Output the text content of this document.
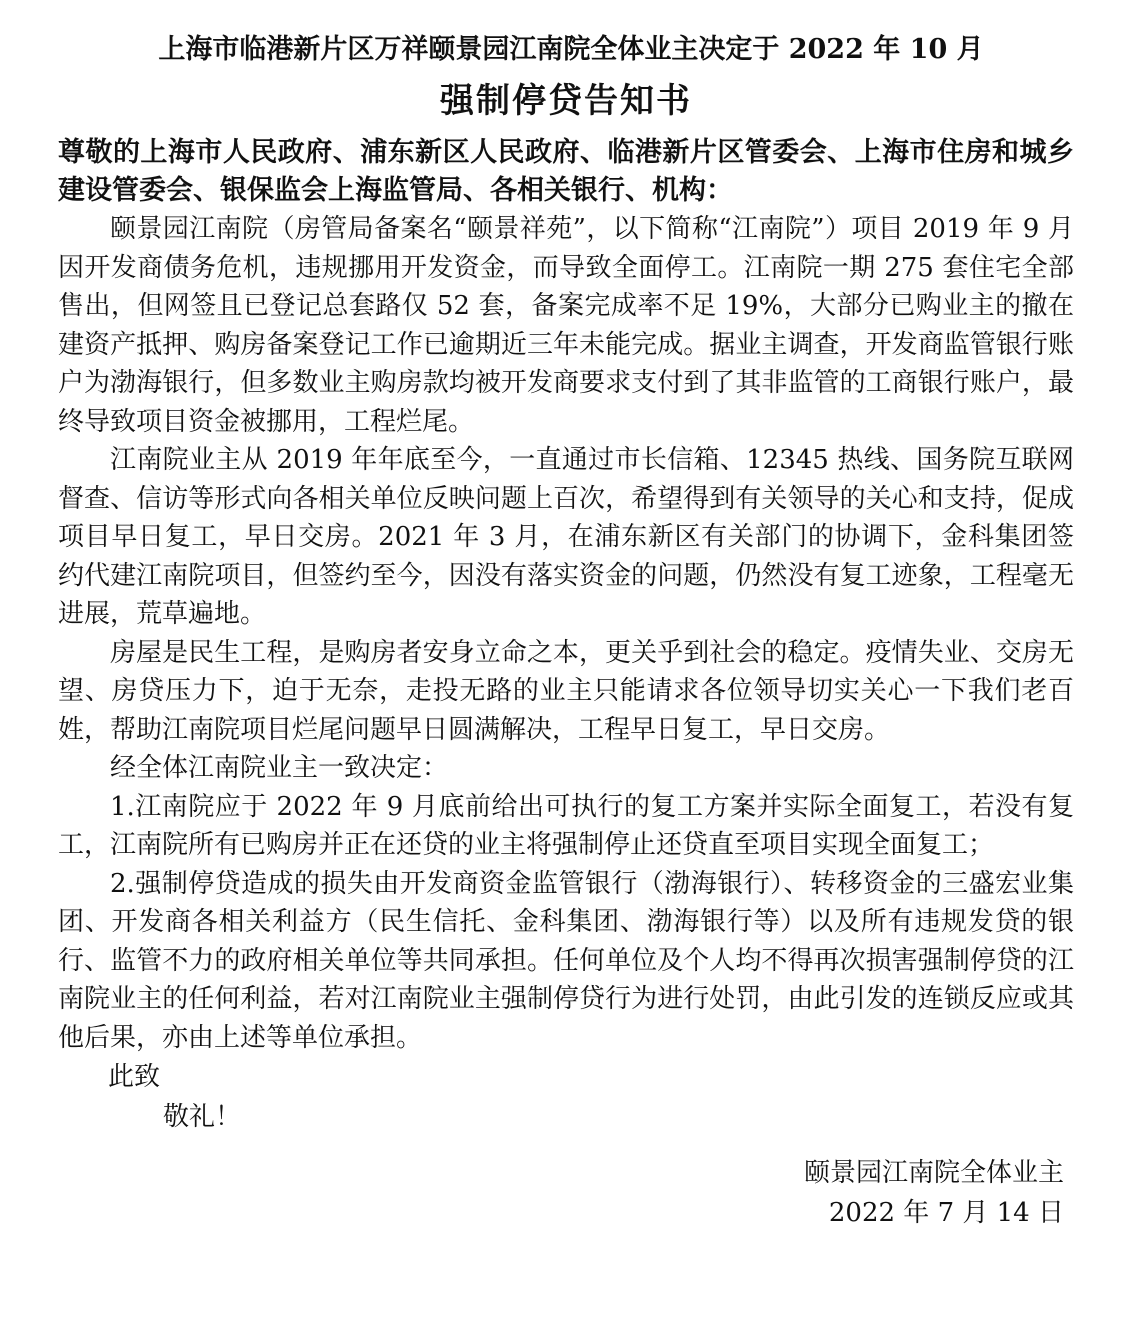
上海市临港新片区万祥颐景园江南院全体业主决定于 2022 年 10 月
强制停贷告知书

尊敬的上海市人民政府、浦东新区人民政府、临港新片区管委会、上海市住房和城乡建设管委会、银保监会上海监管局、各相关银行、机构：

颐景园江南院（房管局备案名“颐景祥苑”，以下简称“江南院”）项目 2019 年 9 月因开发商债务危机，违规挪用开发资金，而导致全面停工。江南院一期 275 套住宅全部售出，但网签且已登记总套路仅 52 套，备案完成率不足 19%，大部分已购业主的撤在建资产抵押、购房备案登记工作已逾期近三年未能完成。据业主调查，开发商监管银行账户为渤海银行，但多数业主购房款均被开发商要求支付到了其非监管的工商银行账户，最终导致项目资金被挪用，工程烂尾。

江南院业主从 2019 年年底至今，一直通过市长信箱、12345 热线、国务院互联网督查、信访等形式向各相关单位反映问题上百次，希望得到有关领导的关心和支持，促成项目早日复工，早日交房。2021 年 3 月，在浦东新区有关部门的协调下，金科集团签约代建江南院项目，但签约至今，因没有落实资金的问题，仍然没有复工迹象，工程毫无进展，荒草遍地。

房屋是民生工程，是购房者安身立命之本，更关乎到社会的稳定。疫情失业、交房无望、房贷压力下，迫于无奈，走投无路的业主只能请求各位领导切实关心一下我们老百姓，帮助江南院项目烂尾问题早日圆满解决，工程早日复工，早日交房。

经全体江南院业主一致决定：

1.江南院应于 2022 年 9 月底前给出可执行的复工方案并实际全面复工，若没有复工，江南院所有已购房并正在还贷的业主将强制停止还贷直至项目实现全面复工；

2.强制停贷造成的损失由开发商资金监管银行（渤海银行）、转移资金的三盛宏业集团、开发商各相关利益方（民生信托、金科集团、渤海银行等）以及所有违规发贷的银行、监管不力的政府相关单位等共同承担。任何单位及个人均不得再次损害强制停贷的江南院业主的任何利益，若对江南院业主强制停贷行为进行处罚，由此引发的连锁反应或其他后果，亦由上述等单位承担。

此致

敬礼！

颐景园江南院全体业主

2022 年 7 月 14 日
